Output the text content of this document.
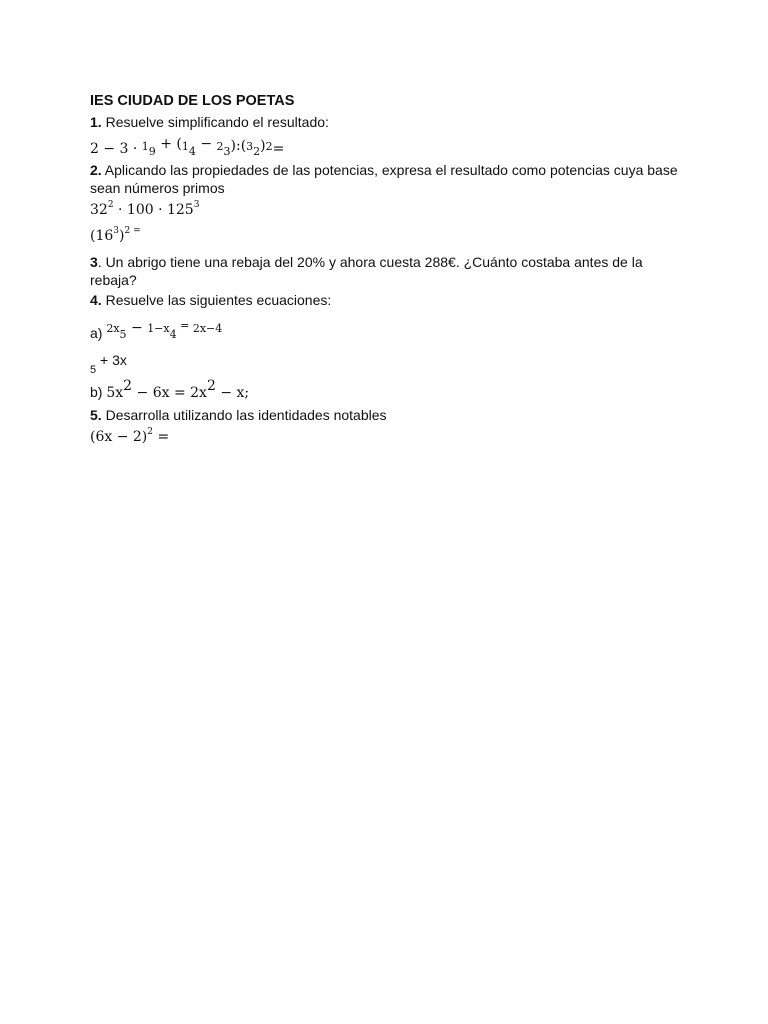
IES CIUDAD DE LOS POETAS
1. Resuelve simplificando el resultado:
$2 - 3 \cdot ^19 + (^14 - ^23):(^32)^2=$
2. Aplicando las propiedades de las potencias, expresa el resultado como potencias cuya base sean números primos
$32^2 \cdot 100 \cdot 125^3$
$(16^3)^2$ =
3. Un abrigo tiene una rebaja del 20% y ahora cuesta 288€. ¿Cuánto costaba antes de la rebaja?
4. Resuelve las siguientes ecuaciones:
a) $^{2x}$5 − $^{1-x}$4 = $^{2x-4}$
$_5$ + 3x
b) $5x^2 - 6x = 2x^2 - x$;
5. Desarrolla utilizando las identidades notables
$(6x - 2)^2$ =
